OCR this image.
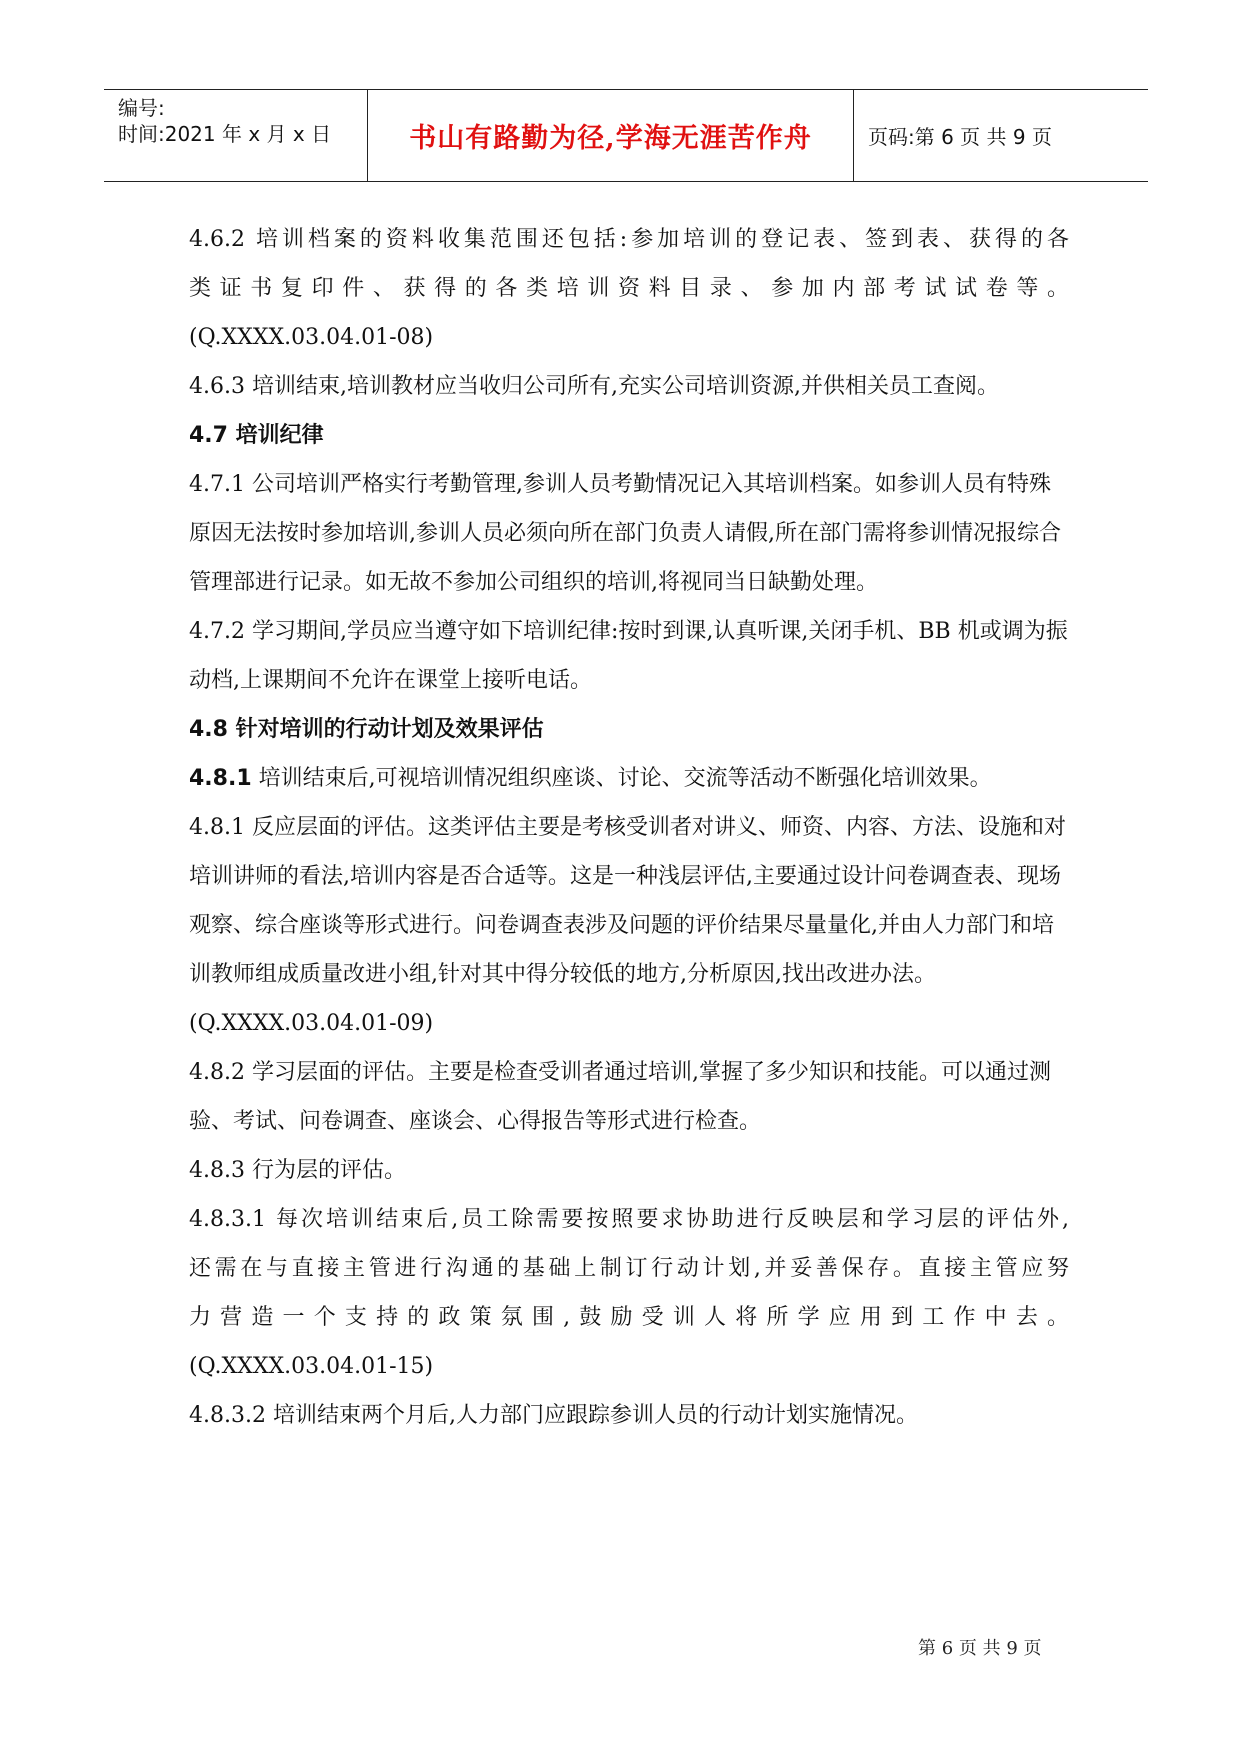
编号:
时间:2021 年 x 月 x 日	书山有路勤为径,学海无涯苦作舟	页码:第 6 页 共 9 页

4.6.2 培训档案的资料收集范围还包括:参加培训的登记表、签到表、获得的各

类证书复印件、获得的各类培训资料目录、参加内部考试试卷等。

(Q.XXXX.03.04.01-08)

4.6.3 培训结束,培训教材应当收归公司所有,充实公司培训资源,并供相关员工查阅。

4.7 培训纪律

4.7.1 公司培训严格实行考勤管理,参训人员考勤情况记入其培训档案。如参训人员有特殊原因无法按时参加培训,参训人员必须向所在部门负责人请假,所在部门需将参训情况报综合管理部进行记录。如无故不参加公司组织的培训,将视同当日缺勤处理。

4.7.2 学习期间,学员应当遵守如下培训纪律:按时到课,认真听课,关闭手机、BB 机或调为振动档,上课期间不允许在课堂上接听电话。

4.8 针对培训的行动计划及效果评估

4.8.1 培训结束后,可视培训情况组织座谈、讨论、交流等活动不断强化培训效果。

4.8.1 反应层面的评估。这类评估主要是考核受训者对讲义、师资、内容、方法、设施和对培训讲师的看法,培训内容是否合适等。这是一种浅层评估,主要通过设计问卷调查表、现场观察、综合座谈等形式进行。问卷调查表涉及问题的评价结果尽量量化,并由人力部门和培训教师组成质量改进小组,针对其中得分较低的地方,分析原因,找出改进办法。(Q.XXXX.03.04.01-09)

4.8.2 学习层面的评估。主要是检查受训者通过培训,掌握了多少知识和技能。可以通过测验、考试、问卷调查、座谈会、心得报告等形式进行检查。

4.8.3 行为层的评估。

4.8.3.1 每次培训结束后,员工除需要按照要求协助进行反映层和学习层的评估外,

还需在与直接主管进行沟通的基础上制订行动计划,并妥善保存。直接主管应努

力营造一个支持的政策氛围,鼓励受训人将所学应用到工作中去。

(Q.XXXX.03.04.01-15)

4.8.3.2 培训结束两个月后,人力部门应跟踪参训人员的行动计划实施情况。

第 6 页 共 9 页
